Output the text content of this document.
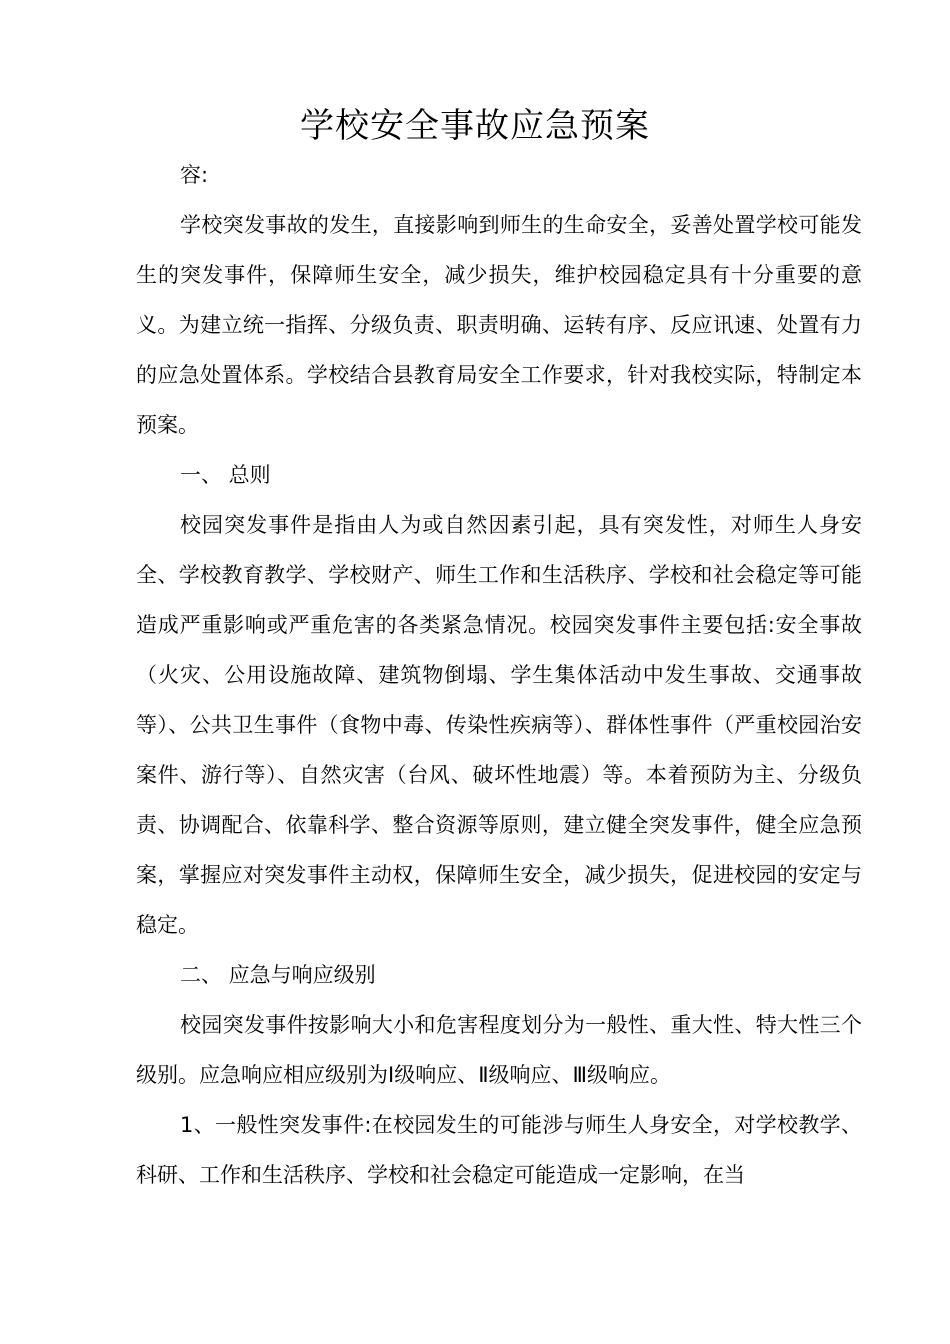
学校安全事故应急预案

容:

学校突发事故的发生，直接影响到师生的生命安全，妥善处置学校可能发生的突发事件，保障师生安全，减少损失，维护校园稳定具有十分重要的意义。为建立统一指挥、分级负责、职责明确、运转有序、反应讯速、处置有力的应急处置体系。学校结合县教育局安全工作要求，针对我校实际，特制定本预案。

一、 总则

校园突发事件是指由人为或自然因素引起，具有突发性，对师生人身安全、学校教育教学、学校财产、师生工作和生活秩序、学校和社会稳定等可能造成严重影响或严重危害的各类紧急情况。校园突发事件主要包括:安全事故（火灾、公用设施故障、建筑物倒塌、学生集体活动中发生事故、交通事故等）、公共卫生事件（食物中毒、传染性疾病等）、群体性事件（严重校园治安案件、游行等）、自然灾害（台风、破坏性地震）等。本着预防为主、分级负责、协调配合、依靠科学、整合资源等原则，建立健全突发事件，健全应急预案，掌握应对突发事件主动权，保障师生安全，减少损失，促进校园的安定与稳定。

二、 应急与响应级别

校园突发事件按影响大小和危害程度划分为一般性、重大性、特大性三个级别。应急响应相应级别为Ⅰ级响应、Ⅱ级响应、Ⅲ级响应。

1、一般性突发事件:在校园发生的可能涉与师生人身安全，对学校教学、科研、工作和生活秩序、学校和社会稳定可能造成一定影响，在当
